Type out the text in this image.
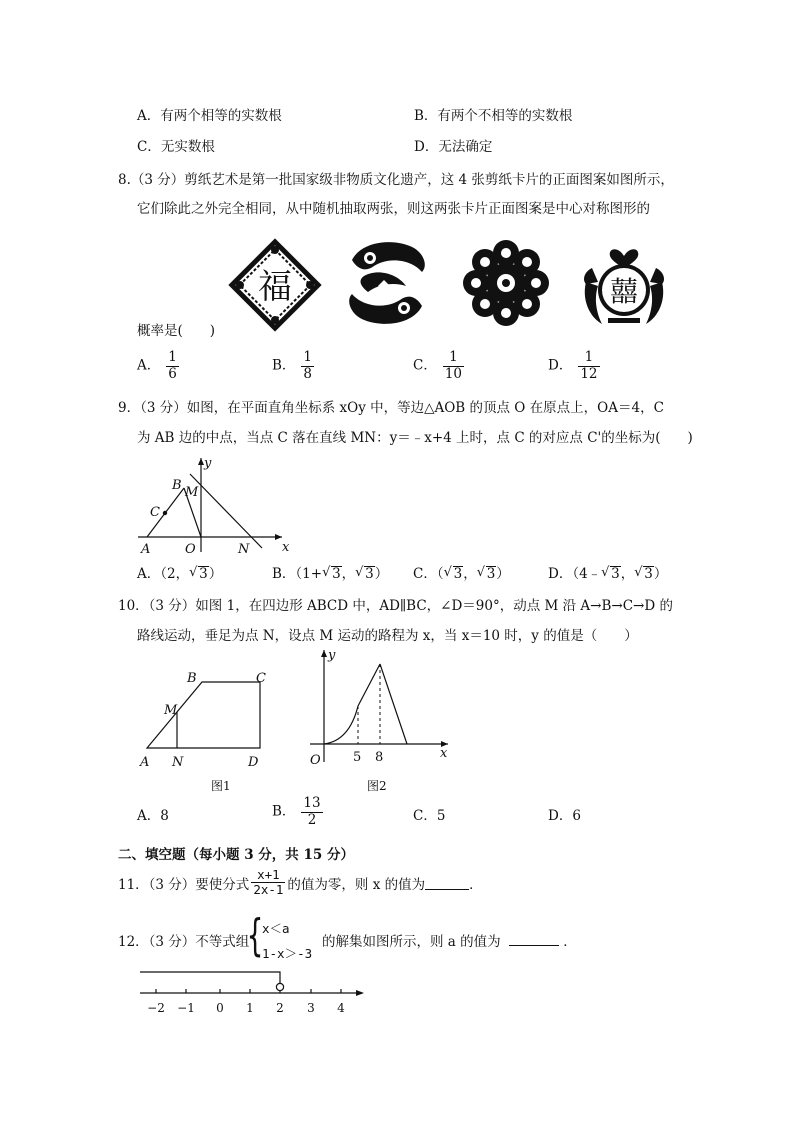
A．有两个相等的实数根	B．有两个不相等的实数根
C．无实数根	D．无法确定
8.（3 分）剪纸艺术是第一批国家级非物质文化遗产，这 4 张剪纸卡片的正面图案如图所示，
它们除此之外完全相同，从中随机抽取两张，则这两张卡片正面图案是中心对称图形的
福	囍
概率是(　　)
A． $\frac{1}{6}$	B． $\frac{1}{8}$	C． $\frac{1}{10}$	D． $\frac{1}{12}$
9．（3 分）如图，在平面直角坐标系 xOy 中，等边△AOB 的顶点 O 在原点上，OA＝4，C
为 AB 边的中点，当点 C 落在直线 MN：y＝﹣x+4 上时，点 C 的对应点 C'的坐标为(　　)
y
x
B M
C
A	O	N
A．（2， √ 3）	B．（1+ √ 3， √ 3） C．（ √ 3， √ 3）	D．（4﹣ √ 3， √ 3）
10．（3 分）如图 1，在四边形 ABCD 中，AD∥BC，∠D＝90°，动点 M 沿 A→B→C→D 的
路线运动，垂足为点 N，设点 M 运动的路程为 x，当 x＝10 时，y 的值是（　　）
B	C
M
A N	D
图1
y
x
O 5 8
图2
A．8	B． $\frac{13}{2}$	C．5	D．6
二、填空题（每小题 3 分，共 15 分）
11．（3 分）要使分式 $\frac{x+1}{2x-1}$ 的值为零，则 x 的值为	．
12．（3 分）不等式组
{
x＜a
1-x＞-3
的解集如图所示，则 a 的值为	．
−2 −1 0 1 2 3 4
